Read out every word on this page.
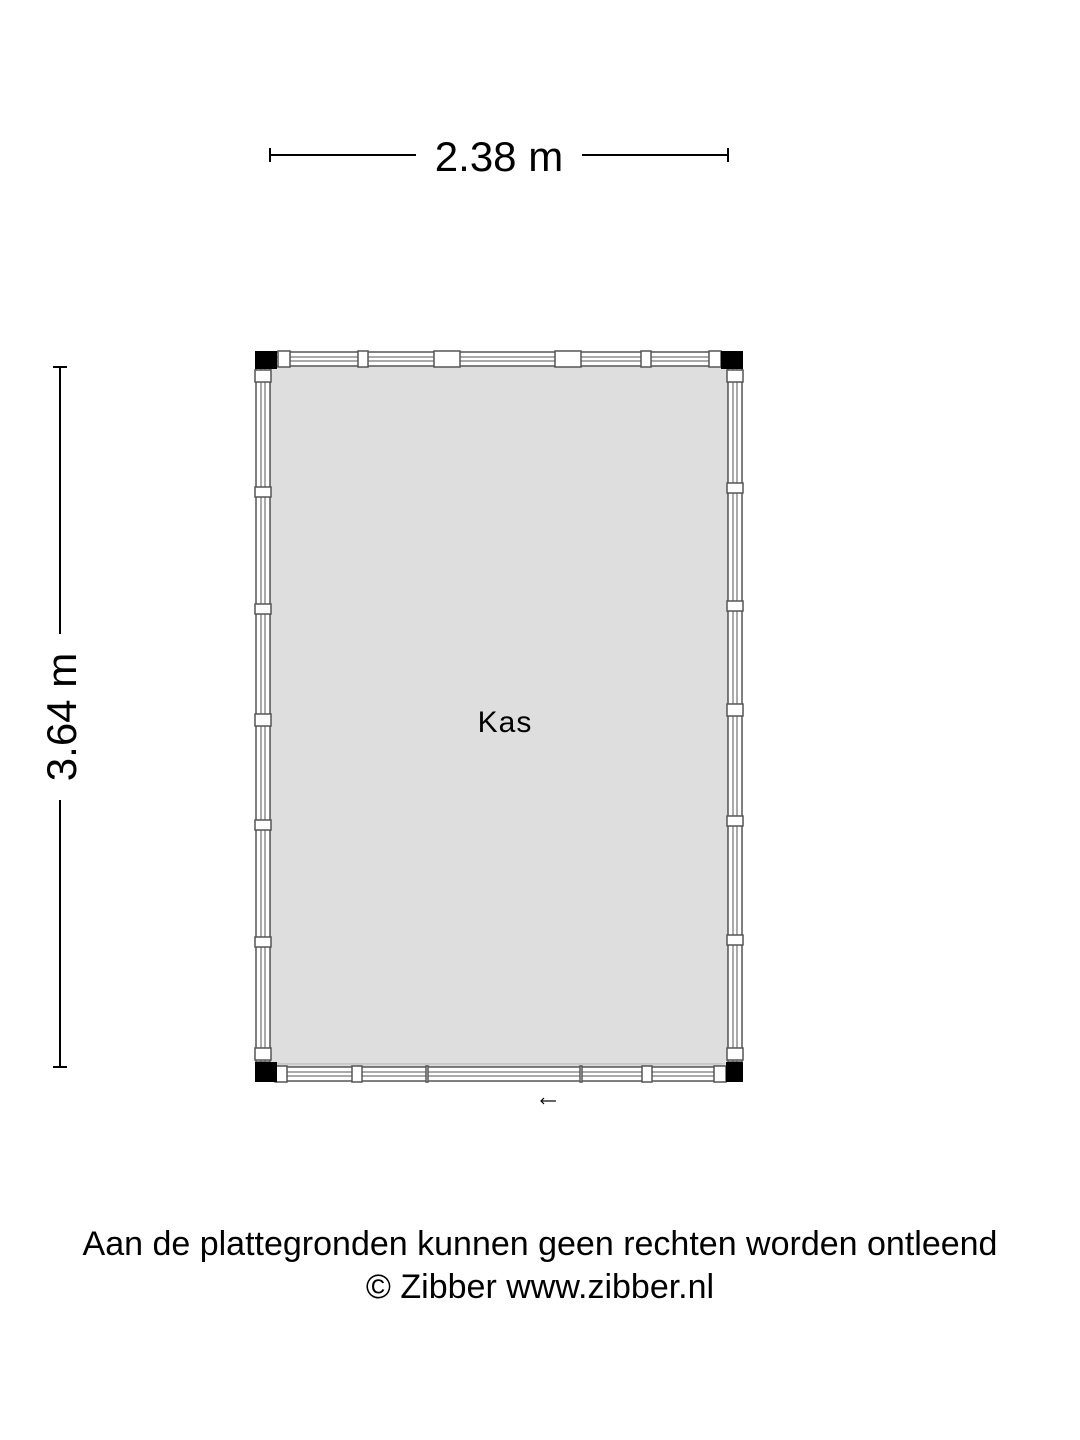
2.38 m
3.64 m	Kas
Aan de plattegronden kunnen geen rechten worden ontleend
© Zibber www.zibber.nl
